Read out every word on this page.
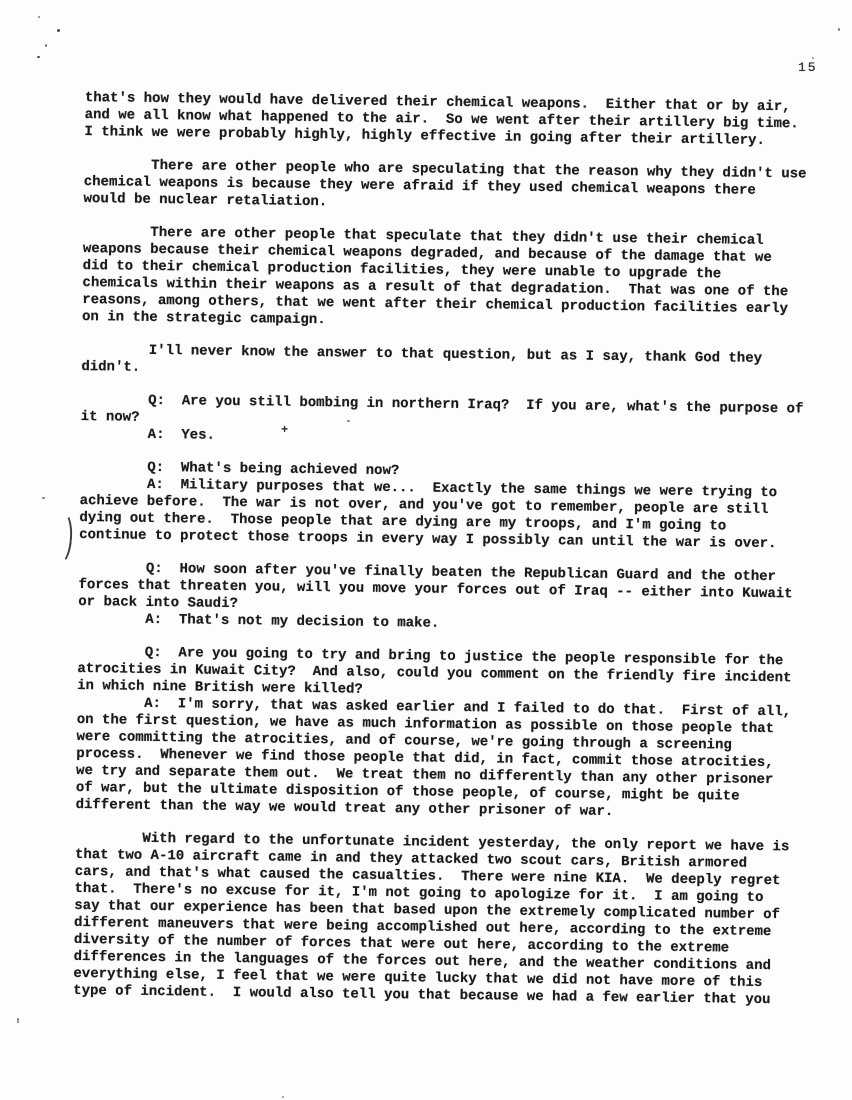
15

that's how they would have delivered their chemical weapons.  Either that or by air,
and we all know what happened to the air.  So we went after their artillery big time.
I think we were probably highly, highly effective in going after their artillery.

There are other people who are speculating that the reason why they didn't use
chemical weapons is because they were afraid if they used chemical weapons there
would be nuclear retaliation.

There are other people that speculate that they didn't use their chemical
weapons because their chemical weapons degraded, and because of the damage that we
did to their chemical production facilities, they were unable to upgrade the
chemicals within their weapons as a result of that degradation.  That was one of the
reasons, among others, that we went after their chemical production facilities early
on in the strategic campaign.

I'll never know the answer to that question, but as I say, thank God they
didn't.

Q:  Are you still bombing in northern Iraq?  If you are, what's the purpose of
it now?

A:  Yes.

Q:  What's being achieved now?

A:  Military purposes that we...  Exactly the same things we were trying to
achieve before.  The war is not over, and you've got to remember, people are still
dying out there.  Those people that are dying are my troops, and I'm going to
continue to protect those troops in every way I possibly can until the war is over.

Q:  How soon after you've finally beaten the Republican Guard and the other
forces that threaten you, will you move your forces out of Iraq -- either into Kuwait
or back into Saudi?

A:  That's not my decision to make.

Q:  Are you going to try and bring to justice the people responsible for the
atrocities in Kuwait City?  And also, could you comment on the friendly fire incident
in which nine British were killed?

A:  I'm sorry, that was asked earlier and I failed to do that.  First of all,
on the first question, we have as much information as possible on those people that
were committing the atrocities, and of course, we're going through a screening
process.  Whenever we find those people that did, in fact, commit those atrocities,
we try and separate them out.  We treat them no differently than any other prisoner
of war, but the ultimate disposition of those people, of course, might be quite
different than the way we would treat any other prisoner of war.

With regard to the unfortunate incident yesterday, the only report we have is
that two A-10 aircraft came in and they attacked two scout cars, British armored
cars, and that's what caused the casualties.  There were nine KIA.  We deeply regret
that.  There's no excuse for it, I'm not going to apologize for it.  I am going to
say that our experience has been that based upon the extremely complicated number of
different maneuvers that were being accomplished out here, according to the extreme
diversity of the number of forces that were out here, according to the extreme
differences in the languages of the forces out here, and the weather conditions and
everything else, I feel that we were quite lucky that we did not have more of this
type of incident.  I would also tell you that because we had a few earlier that you

+
